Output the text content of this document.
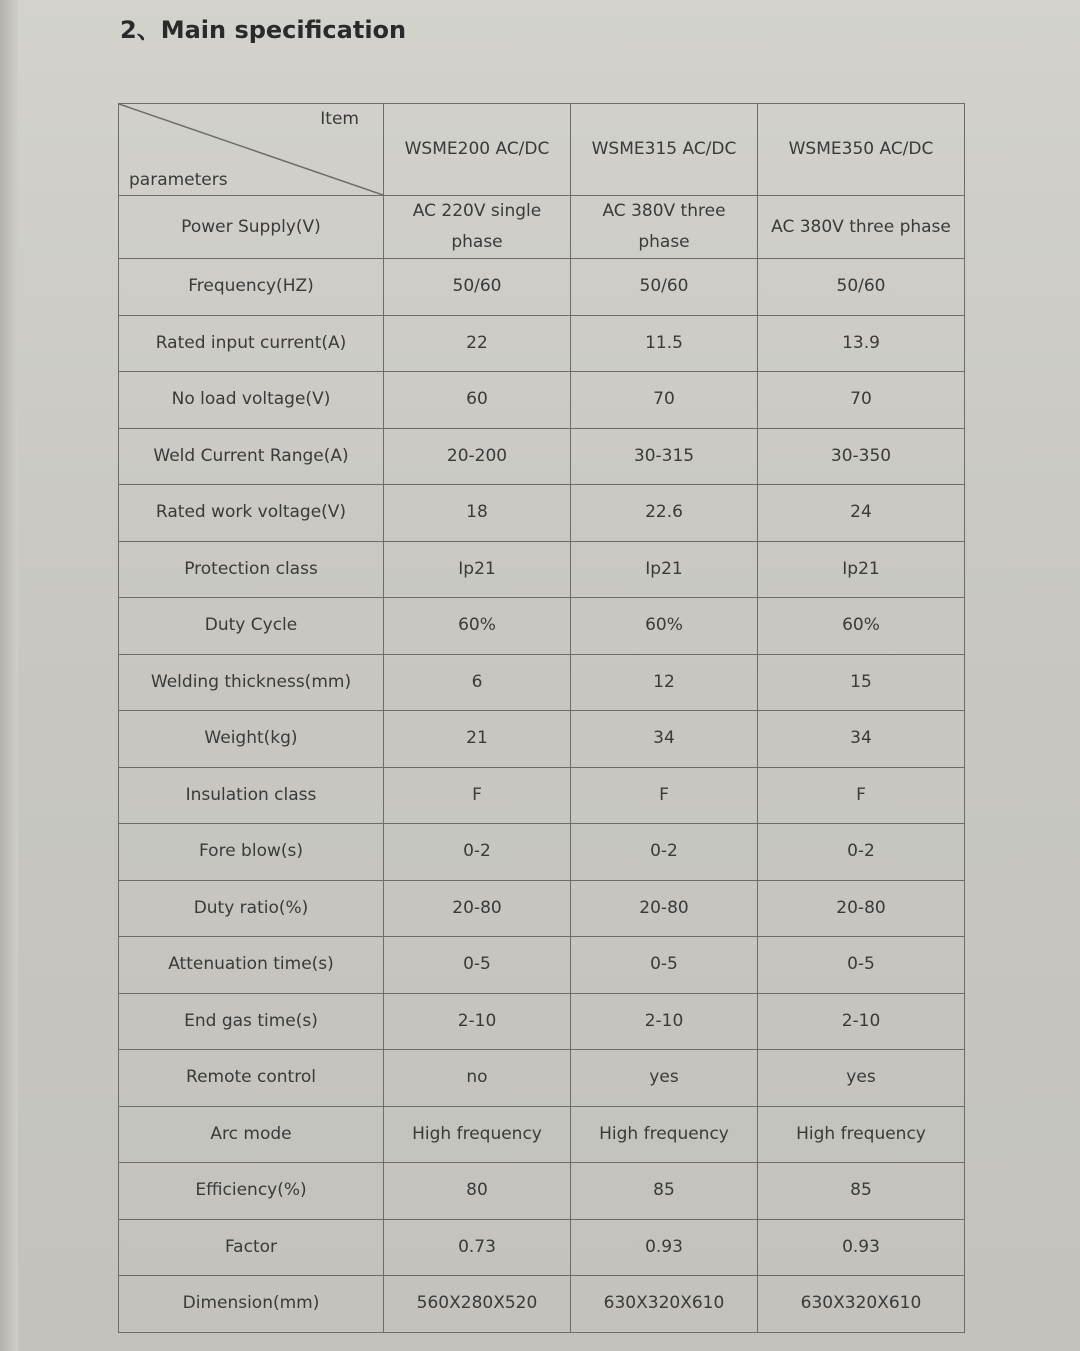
2、Main specification
Item
parameters	WSME200 AC/DC	WSME315 AC/DC	WSME350 AC/DC
Power Supply(V)	AC 220V single phase	AC 380V three phase	AC 380V three phase
Frequency(HZ)	50/60	50/60	50/60
Rated input current(A)	22	11.5	13.9
No load voltage(V)	60	70	70
Weld Current Range(A)	20-200	30-315	30-350
Rated work voltage(V)	18	22.6	24
Protection class	Ip21	Ip21	Ip21
Duty Cycle	60%	60%	60%
Welding thickness(mm)	6	12	15
Weight(kg)	21	34	34
Insulation class	F	F	F
Fore blow(s)	0-2	0-2	0-2
Duty ratio(%)	20-80	20-80	20-80
Attenuation time(s)	0-5	0-5	0-5
End gas time(s)	2-10	2-10	2-10
Remote control	no	yes	yes
Arc mode	High frequency	High frequency	High frequency
Efficiency(%)	80	85	85
Factor	0.73	0.93	0.93
Dimension(mm)	560X280X520	630X320X610	630X320X610
